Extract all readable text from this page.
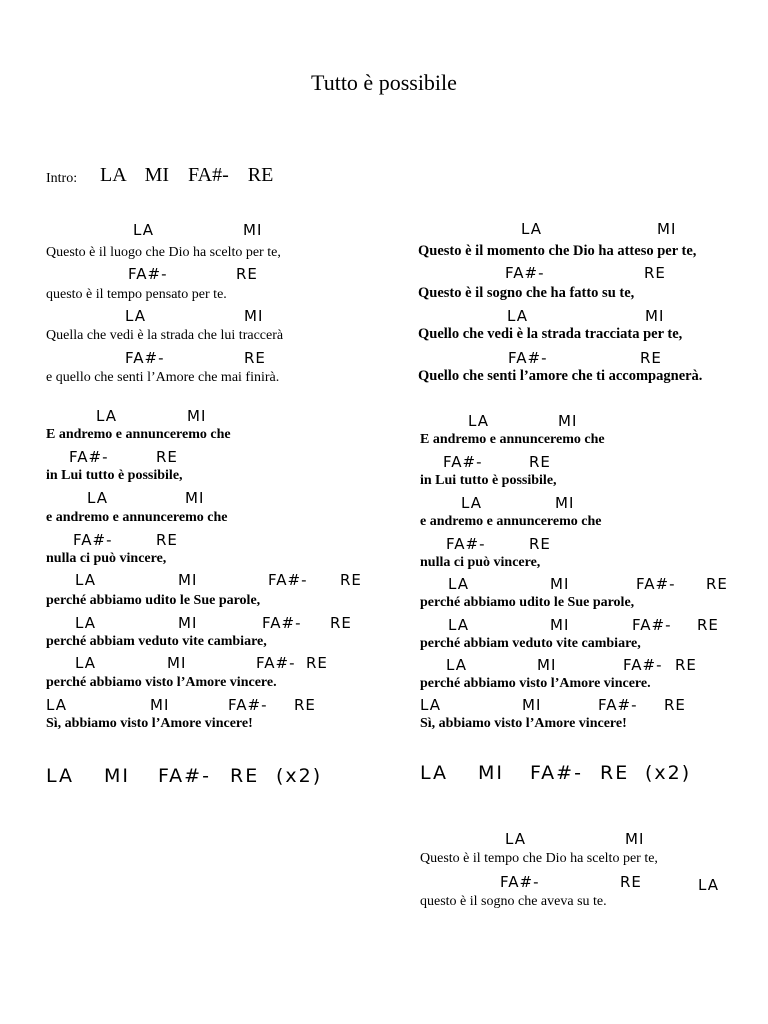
Tutto è possibile
Intro: LA MI FA#- RE
LA	MI
Questo è il luogo che Dio ha scelto per te,
FA#-	RE
questo è il tempo pensato per te.
LA	MI
Quella che vedi è la strada che lui traccerà
FA#-	RE
e quello che senti l’Amore che mai finirà.
LA	MI
E andremo e annunceremo che
FA#-	RE
in Lui tutto è possibile,
LA	MI
e andremo e annunceremo che
FA#-	RE
nulla ci può vincere,
LA	MI	FA#- RE
perché abbiamo udito le Sue parole,
LA	MI	FA#- RE
perché abbiam veduto vite cambiare,
LA	MI	FA#- RE
perché abbiamo visto l’Amore vincere.
LA	MI	FA#- RE
Sì, abbiamo visto l’Amore vincere!
LA MI FA#- RE (x2)
LA	MI
Questo è il momento che Dio ha atteso per te,
FA#-	RE
Questo è il sogno che ha fatto su te,
LA	MI
Quello che vedi è la strada tracciata per te,
FA#-	RE
Quello che senti l’amore che ti accompagnerà.
LA	MI
E andremo e annunceremo che
FA#-	RE
in Lui tutto è possibile,
LA	MI
e andremo e annunceremo che
FA#-	RE
nulla ci può vincere,
LA	MI	FA#- RE
perché abbiamo udito le Sue parole,
LA	MI	FA#- RE
perché abbiam veduto vite cambiare,
LA	MI	FA#- RE
perché abbiamo visto l’Amore vincere.
LA	MI	FA#- RE
Sì, abbiamo visto l’Amore vincere!
LA MI FA#- RE (x2)
LA	MI
Questo è il tempo che Dio ha scelto per te,
FA#-	RE	LA
questo è il sogno che aveva su te.
